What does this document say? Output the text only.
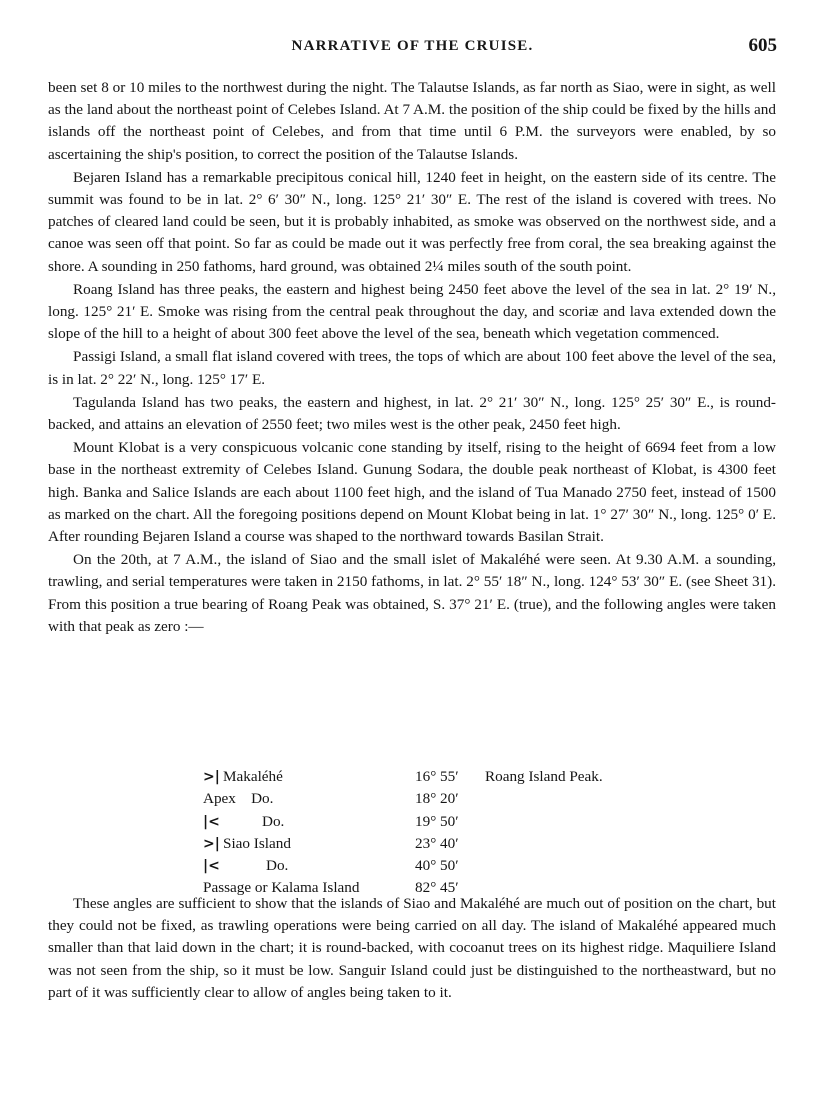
NARRATIVE OF THE CRUISE.	605

been set 8 or 10 miles to the northwest during the night. The Talautse Islands, as far north as Siao, were in sight, as well as the land about the northeast point of Celebes Island. At 7 A.M. the position of the ship could be fixed by the hills and islands off the northeast point of Celebes, and from that time until 6 P.M. the surveyors were enabled, by so ascertaining the ship's position, to correct the position of the Talautse Islands.

Bejaren Island has a remarkable precipitous conical hill, 1240 feet in height, on the eastern side of its centre. The summit was found to be in lat. 2° 6′ 30″ N., long. 125° 21′ 30″ E. The rest of the island is covered with trees. No patches of cleared land could be seen, but it is probably inhabited, as smoke was observed on the northwest side, and a canoe was seen off that point. So far as could be made out it was perfectly free from coral, the sea breaking against the shore. A sounding in 250 fathoms, hard ground, was obtained 2¼ miles south of the south point.

Roang Island has three peaks, the eastern and highest being 2450 feet above the level of the sea in lat. 2° 19′ N., long. 125° 21′ E. Smoke was rising from the central peak throughout the day, and scoriæ and lava extended down the slope of the hill to a height of about 300 feet above the level of the sea, beneath which vegetation commenced.

Passigi Island, a small flat island covered with trees, the tops of which are about 100 feet above the level of the sea, is in lat. 2° 22′ N., long. 125° 17′ E.

Tagulanda Island has two peaks, the eastern and highest, in lat. 2° 21′ 30″ N., long. 125° 25′ 30″ E., is round-backed, and attains an elevation of 2550 feet; two miles west is the other peak, 2450 feet high.

Mount Klobat is a very conspicuous volcanic cone standing by itself, rising to the height of 6694 feet from a low base in the northeast extremity of Celebes Island. Gunung Sodara, the double peak northeast of Klobat, is 4300 feet high. Banka and Salice Islands are each about 1100 feet high, and the island of Tua Manado 2750 feet, instead of 1500 as marked on the chart. All the foregoing positions depend on Mount Klobat being in lat. 1° 27′ 30″ N., long. 125° 0′ E. After rounding Bejaren Island a course was shaped to the northward towards Basilan Strait.

On the 20th, at 7 A.M., the island of Siao and the small islet of Makaléhé were seen. At 9.30 A.M. a sounding, trawling, and serial temperatures were taken in 2150 fathoms, in lat. 2° 55′ 18″ N., long. 124° 53′ 30″ E. (see Sheet 31). From this position a true bearing of Roang Peak was obtained, S. 37° 21′ E. (true), and the following angles were taken with that peak as zero :—

>| Makaléhé	16° 55′	Roang Island Peak.
Apex    Do.	18° 20′	
|< Do.	19° 50′	
>| Siao Island	23° 40′	
|< Do.	40° 50′	
Passage or Kalama Island	82° 45′	

These angles are sufficient to show that the islands of Siao and Makaléhé are much out of position on the chart, but they could not be fixed, as trawling operations were being carried on all day. The island of Makaléhé appeared much smaller than that laid down in the chart; it is round-backed, with cocoanut trees on its highest ridge. Maquiliere Island was not seen from the ship, so it must be low. Sanguir Island could just be distinguished to the northeastward, but no part of it was sufficiently clear to allow of angles being taken to it.
